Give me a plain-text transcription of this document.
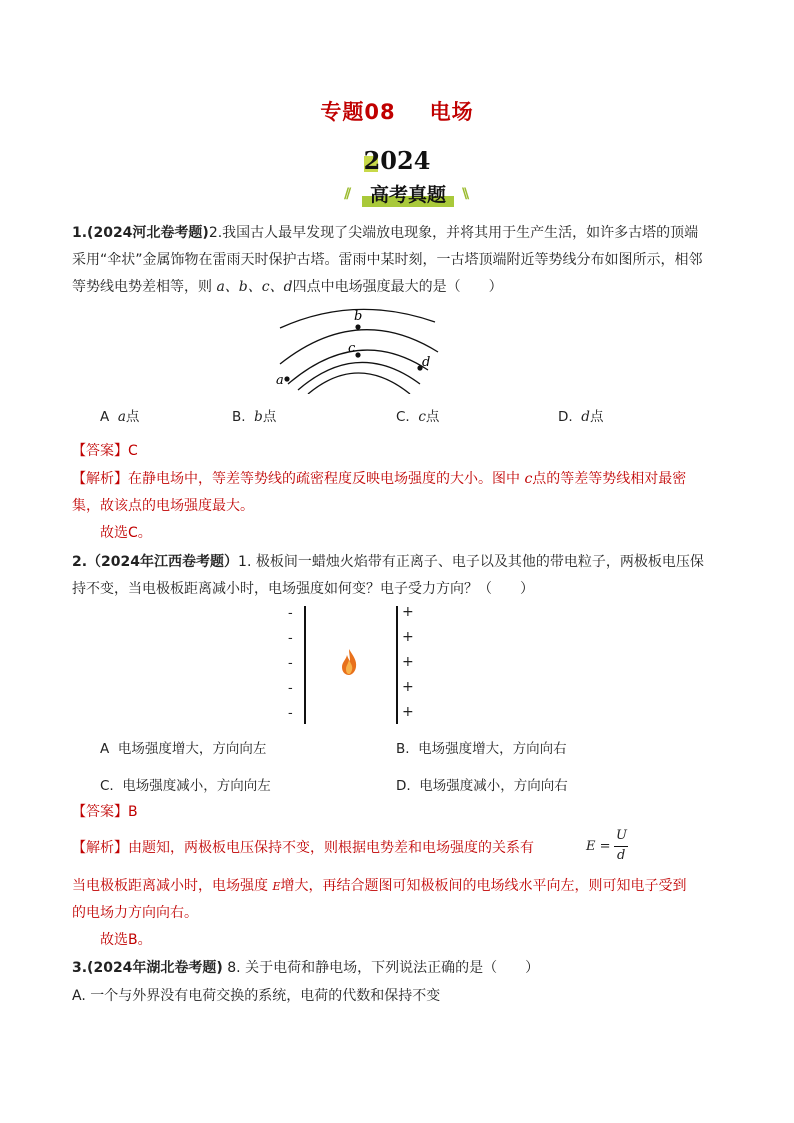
专题08 电场
2024
//	高考真题	\\
1.(2024河北卷考题)2.我国古人最早发现了尖端放电现象，并将其用于生产生活，如许多古塔的顶端
采用“伞状”金属饰物在雷雨天时保护古塔。雷雨中某时刻，一古塔顶端附近等势线分布如图所示，相邻
等势线电势差相等，则 a、b、c、d四点中电场强度最大的是（　　）
b
a
c
d
A a点	B. b点	C. c点	D. d点
【答案】C
【解析】在静电场中，等差等势线的疏密程度反映电场强度的大小。图中 c点的等差等势线相对最密
集，故该点的电场强度最大。
故选C。
2.（2024年江西卷考题）1. 极板间一蜡烛火焰带有正离子、电子以及其他的带电粒子，两极板电压保
持不变，当电极板距离减小时，电场强度如何变？电子受力方向？（　　）
-
-
-
-
-
+
+
+
+
+
A 电场强度增大，方向向左	B. 电场强度增大，方向向右
C. 电场强度减小，方向向左	D. 电场强度减小，方向向右
【答案】B
【解析】由题知，两极板电压保持不变，则根据电势差和电场强度的关系有	E =
U
d
当电极板距离减小时，电场强度 E增大，再结合题图可知极板间的电场线水平向左，则可知电子受到
的电场力方向向右。
故选B。
3.(2024年湖北卷考题) 8. 关于电荷和静电场，下列说法正确的是（　　）
A. 一个与外界没有电荷交换的系统，电荷的代数和保持不变
